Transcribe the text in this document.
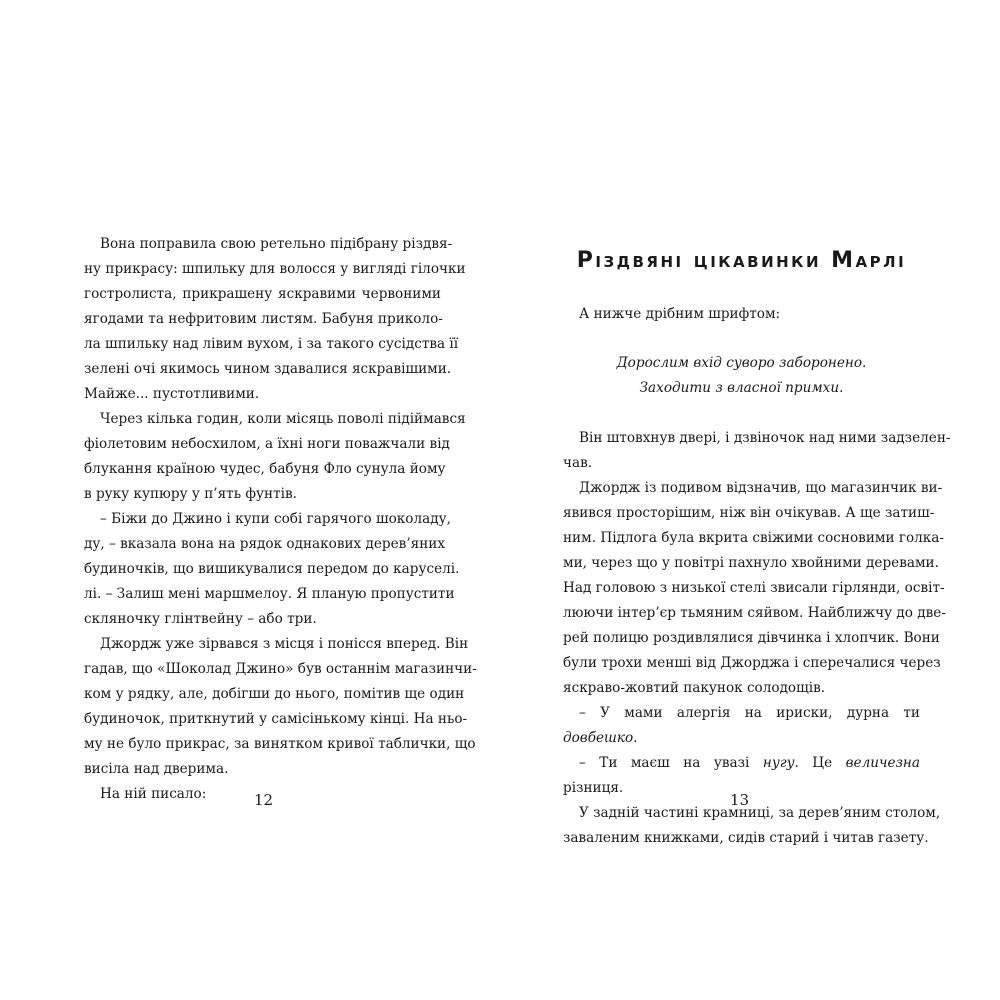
Вона поправила свою ретельно підібрану різдвя-
ну прикрасу: шпильку для волосся у вигляді гілочки
гостролиста, прикрашену яскравими червоними
ягодами та нефритовим листям. Бабуня приколо-
ла шпильку над лівим вухом, і за такого сусідства її
зелені очі якимось чином здавалися яскравішими.
Майже... пустотливими.
Через кілька годин, коли місяць поволі підіймався
фіолетовим небосхилом, а їхні ноги поважчали від
блукання країною чудес, бабуня Фло сунула йому
в руку купюру у п’ять фунтів.
– Біжи до Джино і купи собі гарячого шоколаду,
ду, – вказала вона на рядок однакових дерев’яних
будиночків, що вишикувалися передом до каруселі.
лі. – Залиш мені маршмелоу. Я планую пропустити
скляночку глінтвейну – або три.
Джордж уже зірвався з місця і понісся вперед. Він
гадав, що «Шоколад Джино» був останнім магазинчи-
ком у рядку, але, добігши до нього, помітив ще один
будиночок, приткнутий у самісінькому кінці. На ньо-
му не було прикрас, за винятком кривої таблички, що
висіла над дверима.

На ній писало:	12
Різдвяні цікавинки Марлі

А нижче дрібним шрифтом:

Дорослим вхід суворо заборонено.
Заходити з власної примхи.
Він штовхнув двері, і дзвіночок над ними задзелен-
чав.
Джордж із подивом відзначив, що магазинчик ви-
явився просторішим, ніж він очікував. А ще затиш-
ним. Підлога була вкрита свіжими сосновими голка-
ми, через що у повітрі пахнуло хвойними деревами.
Над головою з низької стелі звисали гірлянди, освіт-
люючи інтер’єр тьмяним сяйвом. Найближчу до две-
рей полицю роздивлялися дівчинка і хлопчик. Вони
були трохи менші від Джорджа і сперечалися через
яскраво-жовтий пакунок солодощів.

– У мами алергія на ириски, дурна ти довбешко.

– Ти маєш на увазі нугу. Це величезна різниця.

У задній частині крамниці, за дерев’яним столом,
заваленим книжками, сидів старий і читав газету.
13
